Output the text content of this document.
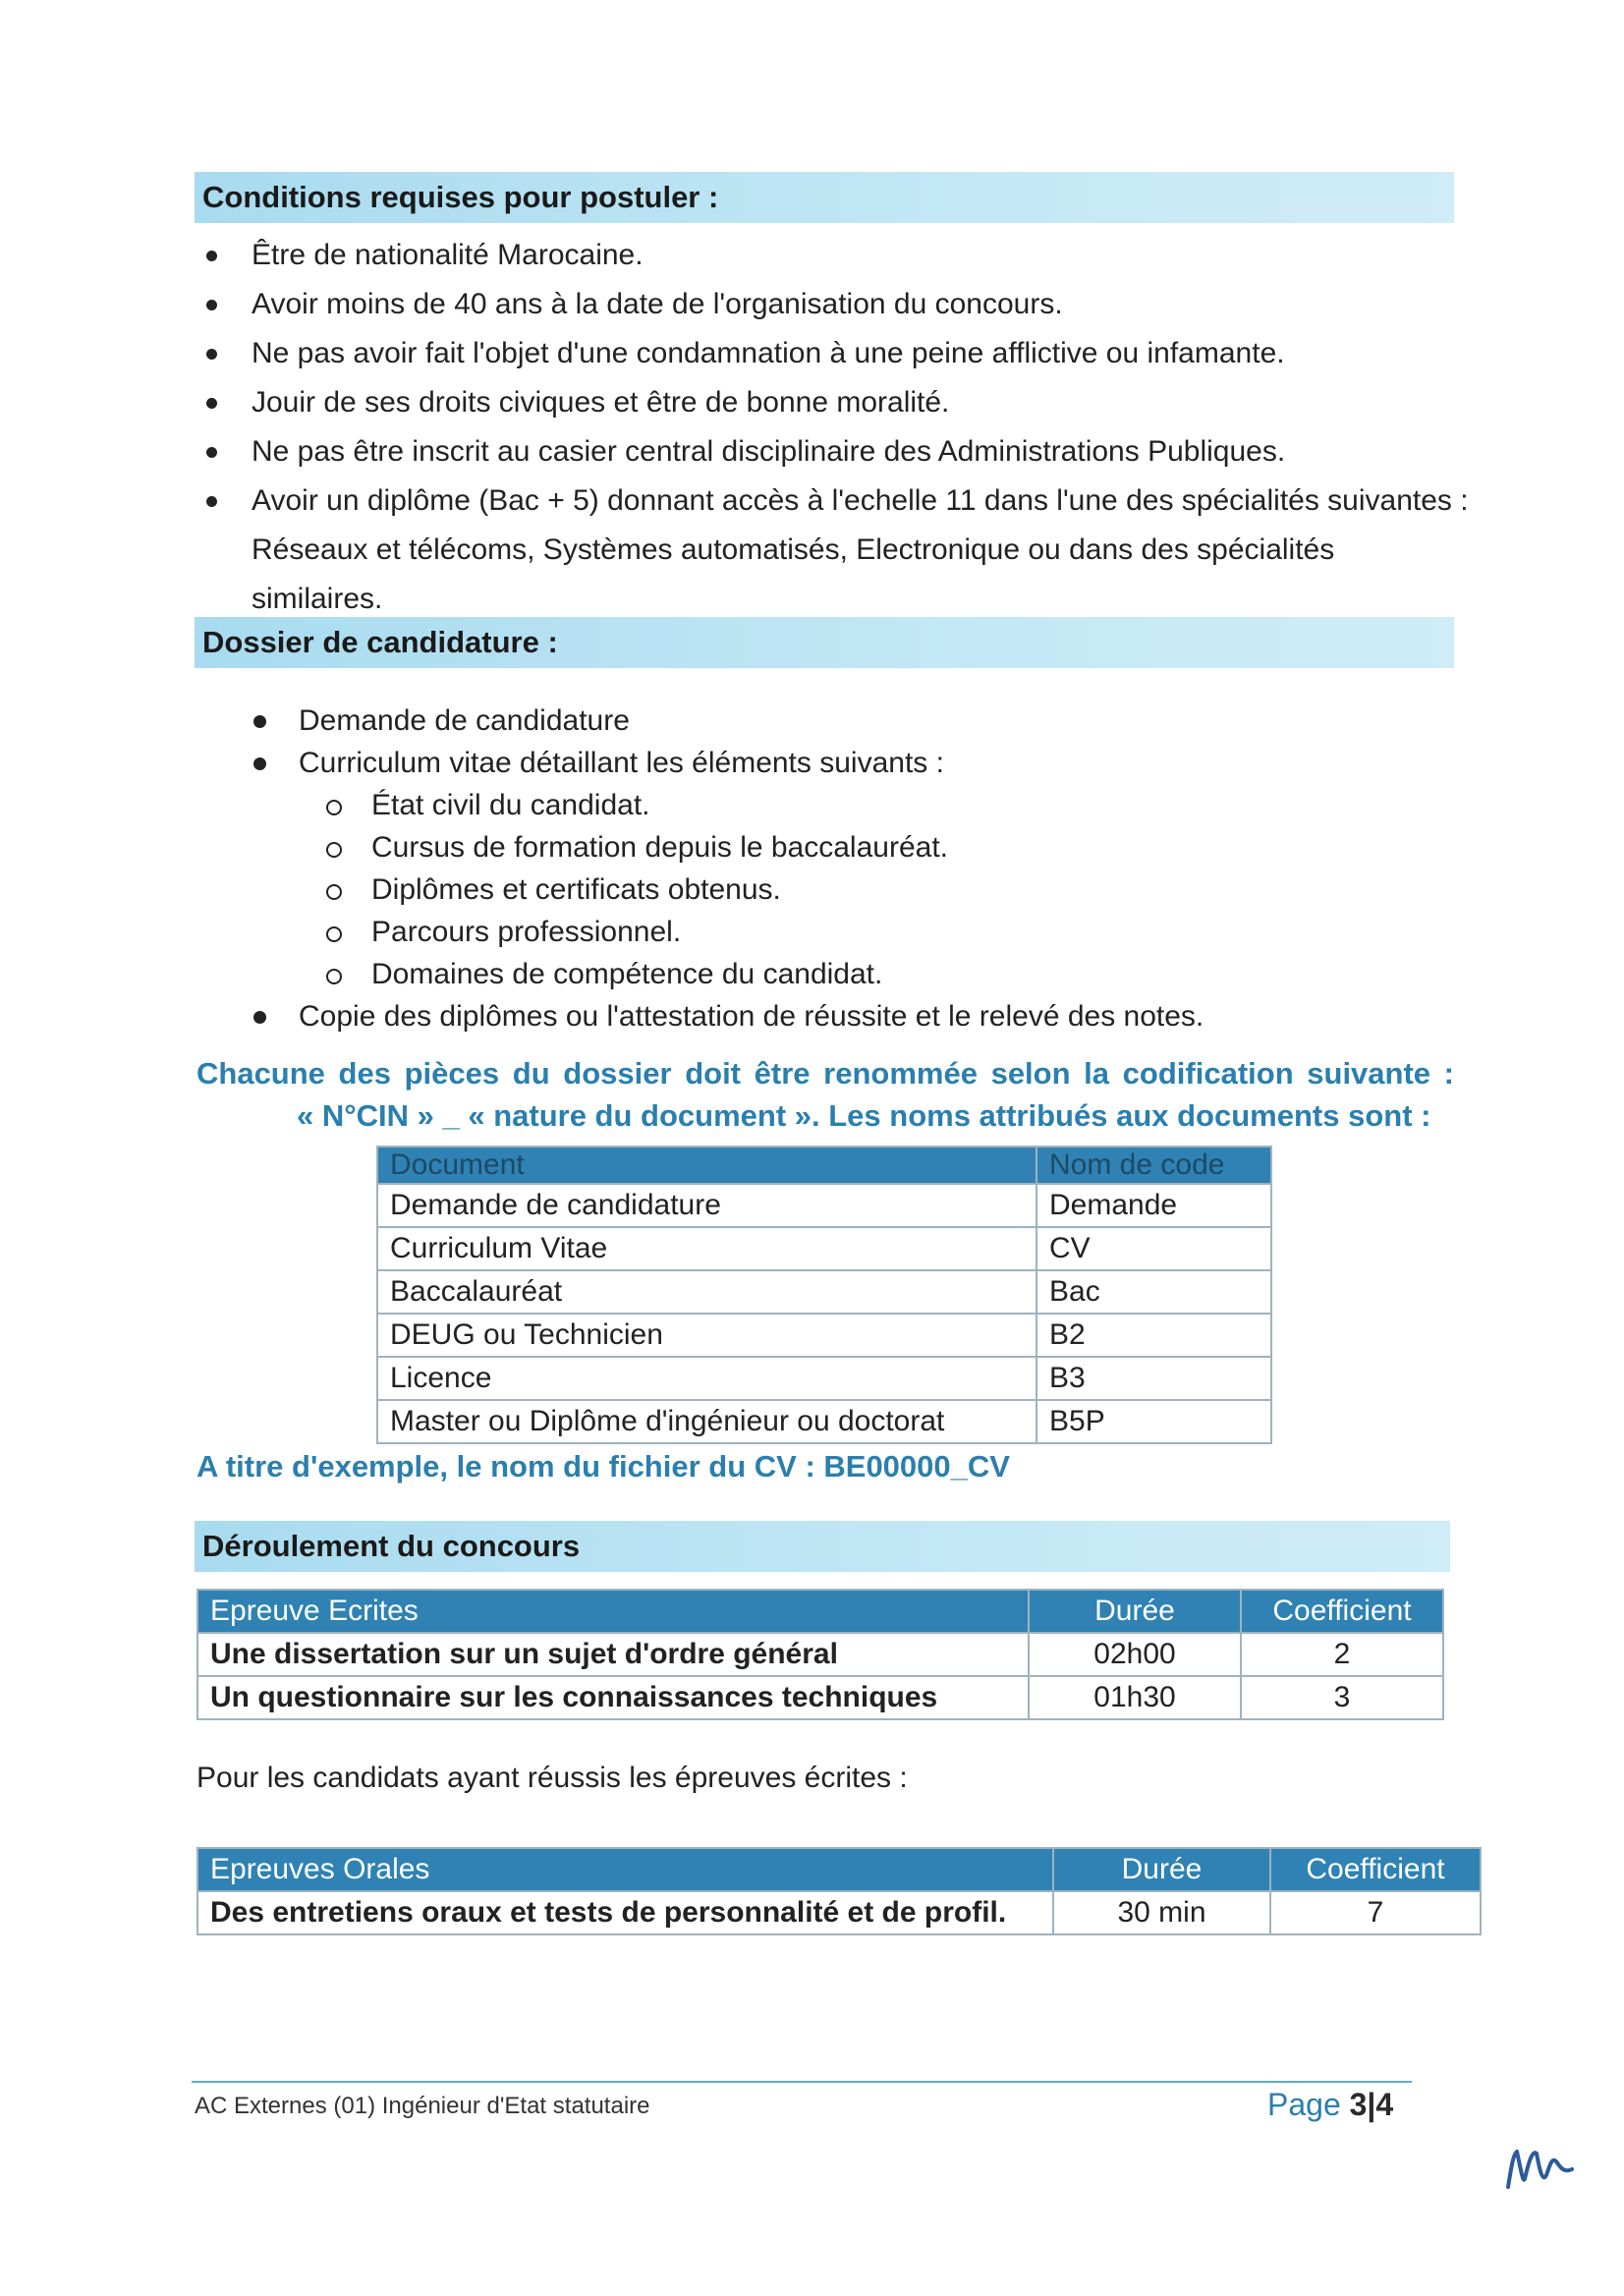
Conditions requises pour postuler :
Être de nationalité Marocaine.
Avoir moins de 40 ans à la date de l'organisation du concours.
Ne pas avoir fait l'objet d'une condamnation à une peine afflictive ou infamante.
Jouir de ses droits civiques et être de bonne moralité.
Ne pas être inscrit au casier central disciplinaire des Administrations Publiques.
Avoir un diplôme (Bac + 5) donnant accès à l'echelle 11 dans l'une des spécialités suivantes :
Réseaux et télécoms, Systèmes automatisés, Electronique ou dans des spécialités similaires.
Dossier de candidature :
Demande de candidature
Curriculum vitae détaillant les éléments suivants :
État civil du candidat.
Cursus de formation depuis le baccalauréat.
Diplômes et certificats obtenus.
Parcours professionnel.
Domaines de compétence du candidat.
Copie des diplômes ou l'attestation de réussite et le relevé des notes.
Chacune des pièces du dossier doit être renommée selon la codification suivante :
« N°CIN » _ « nature du document ». Les noms attribués aux documents sont :
Document	Nom de code
Demande de candidature	Demande
Curriculum Vitae	CV
Baccalauréat	Bac
DEUG ou Technicien	B2
Licence	B3
Master ou Diplôme d'ingénieur ou doctorat	B5P
A titre d'exemple, le nom du fichier du CV : BE00000_CV
Déroulement du concours
Epreuve Ecrites	Durée	Coefficient
Une dissertation sur un sujet d'ordre général	02h00	2
Un questionnaire sur les connaissances techniques	01h30	3
Pour les candidats ayant réussis les épreuves écrites :
Epreuves Orales	Durée	Coefficient
Des entretiens oraux et tests de personnalité et de profil.	30 min	7
AC Externes (01) Ingénieur d'Etat statutaire	Page 3|4
